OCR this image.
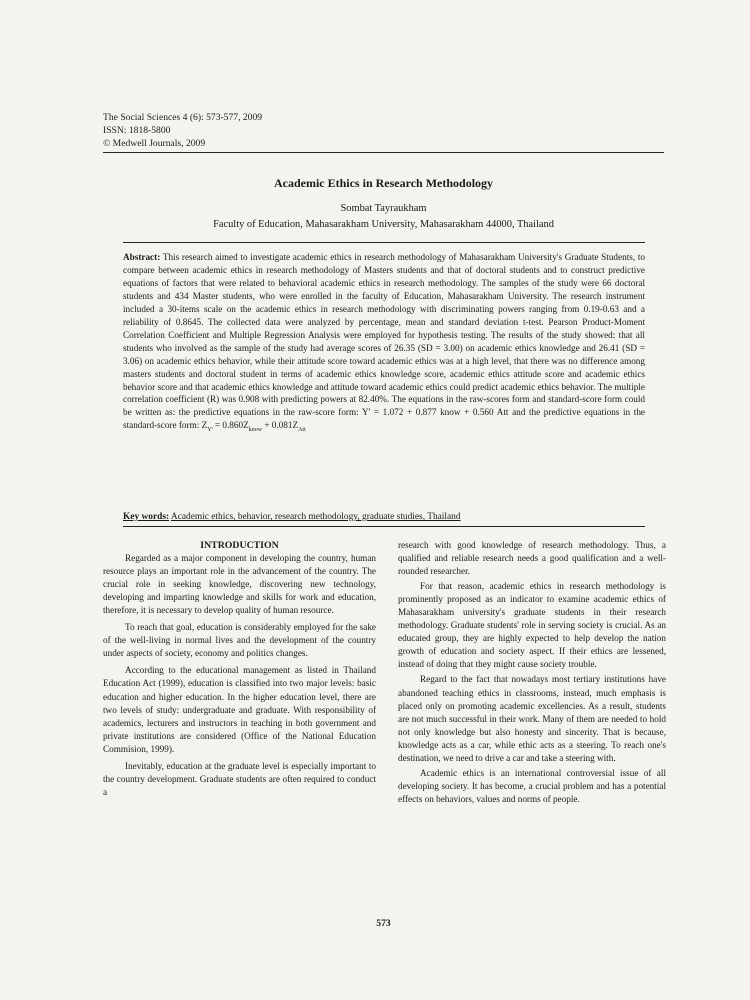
The Social Sciences 4 (6): 573-577, 2009
ISSN: 1818-5800
© Medwell Journals, 2009
Academic Ethics in Research Methodology
Sombat Tayraukham
Faculty of Education, Mahasarakham University, Mahasarakham 44000, Thailand
Abstract: This research aimed to investigate academic ethics in research methodology of Mahasarakham University's Graduate Students, to compare between academic ethics in research methodology of Masters students and that of doctoral students and to construct predictive equations of factors that were related to behavioral academic ethics in research methodology. The samples of the study were 66 doctoral students and 434 Master students, who were enrolled in the faculty of Education, Mahasarakham University. The research instrument included a 30-items scale on the academic ethics in research methodology with discriminating powers ranging from 0.19-0.63 and a reliability of 0.8645. The collected data were analyzed by percentage, mean and standard deviation t-test. Pearson Product-Moment Correlation Coefficient and Multiple Regression Analysis were employed for hypothesis testing. The results of the study showed: that all students who involved as the sample of the study had average scores of 26.35 (SD = 3.00) on academic ethics knowledge and 26.41 (SD = 3.06) on academic ethics behavior, while their attitude score toward academic ethics was at a high level, that there was no difference among masters students and doctoral student in terms of academic ethics knowledge score, academic ethics attitude score and academic ethics behavior score and that academic ethics knowledge and attitude toward academic ethics could predict academic ethics behavior. The multiple correlation coefficient (R) was 0.908 with predicting powers at 82.40%. The equations in the raw-scores form and standard-score form could be written as: the predictive equations in the raw-score form: Y' = 1.072 + 0.877 know + 0.560 Att and the predictive equations in the standard-score form: $Z_{Y'} = 0.860Z_{know} + 0.081Z_{Att}$
Key words: Academic ethics, behavior, research methodology, graduate studies, Thailand

INTRODUCTION

Regarded as a major component in developing the country, human resource plays an important role in the advancement of the country. The crucial role in seeking knowledge, discovering new technology, developing and imparting knowledge and skills for work and education, therefore, it is necessary to develop quality of human resource.

To reach that goal, education is considerably employed for the sake of the well-living in normal lives and the development of the country under aspects of society, economy and politics changes.

According to the educational management as listed in Thailand Education Act (1999), education is classified into two major levels: basic education and higher education. In the higher education level, there are two levels of study: undergraduate and graduate. With responsibility of academics, lecturers and instructors in teaching in both government and private institutions are considered (Office of the National Education Commision, 1999).

Inevitably, education at the graduate level is especially important to the country development. Graduate students are often required to conduct a

research with good knowledge of research methodology. Thus, a qualified and reliable research needs a good qualification and a well-rounded researcher.

For that reason, academic ethics in research methodology is prominently proposed as an indicator to examine academic ethics of Mahasarakham university's graduate students in their research methodology. Graduate students' role in serving society is crucial. As an educated group, they are highly expected to help develop the nation growth of education and society aspect. If their ethics are lessened, instead of doing that they might cause society trouble.

Regard to the fact that nowadays most tertiary institutions have abandoned teaching ethics in classrooms, instead, much emphasis is placed only on promoting academic excellencies. As a result, students are not much successful in their work. Many of them are needed to hold not only knowledge but also honesty and sincerity. That is because, knowledge acts as a car, while ethic acts as a steering. To reach one's destination, we need to drive a car and take a steering with.

Academic ethics is an international controversial issue of all developing society. It has become, a crucial problem and has a potential effects on behaviors, values and norms of people.

573
